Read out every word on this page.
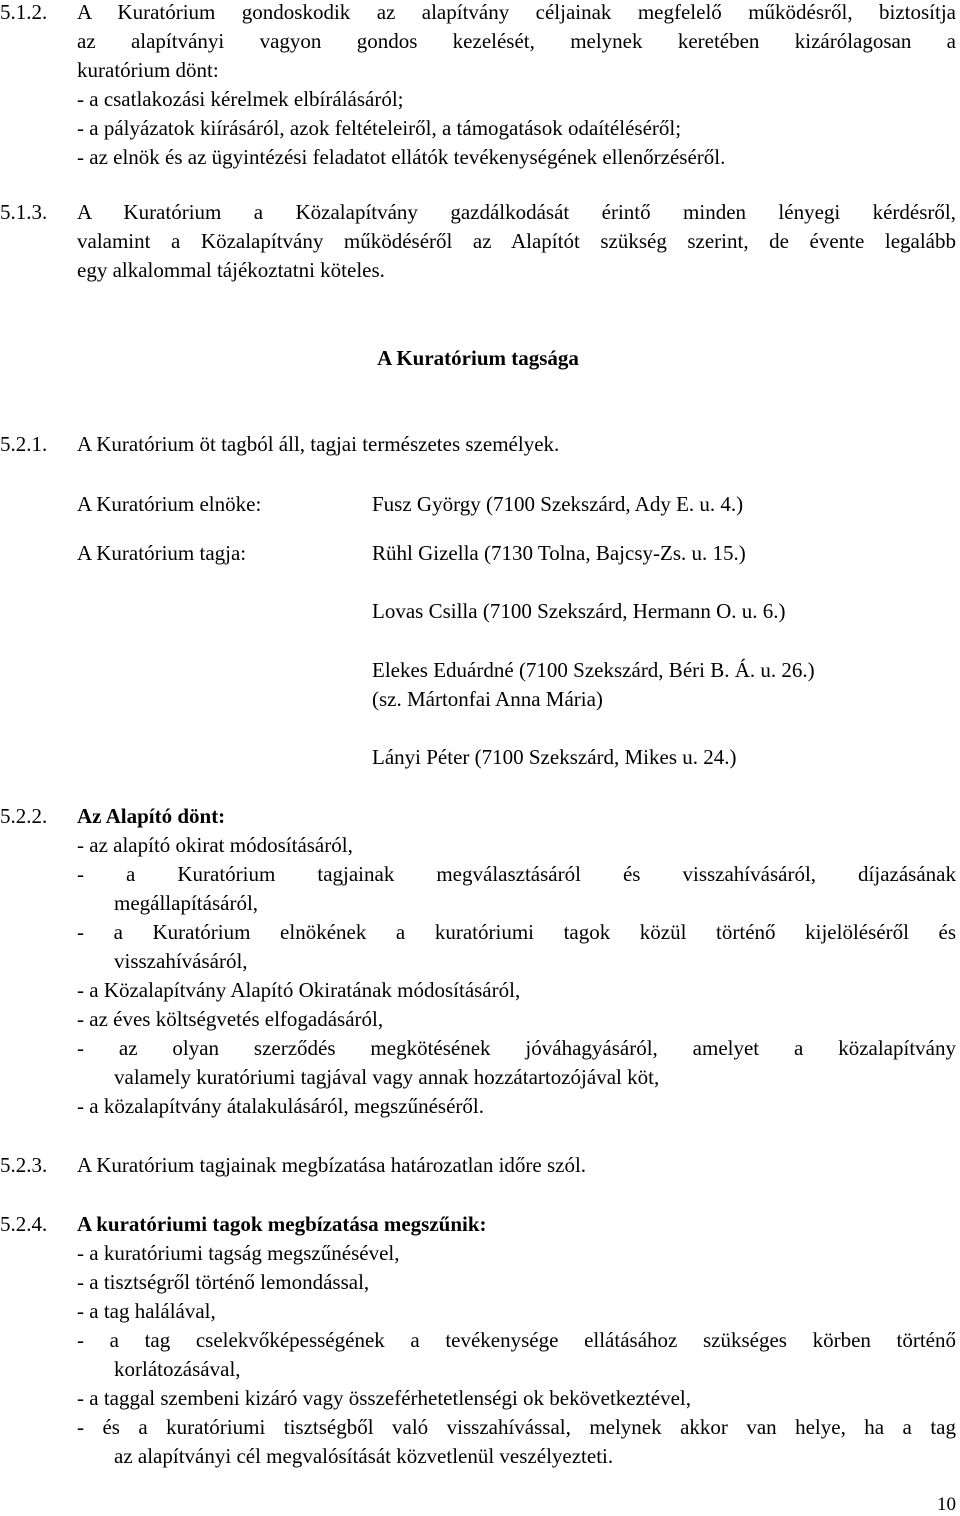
5.1.2. A Kuratórium gondoskodik az alapítvány céljainak megfelelő működésről, biztosítja
az alapítványi vagyon gondos kezelését, melynek keretében kizárólagosan a
kuratórium dönt:
- a csatlakozási kérelmek elbírálásáról;
- a pályázatok kiírásáról, azok feltételeiről, a támogatások odaítéléséről;
- az elnök és az ügyintézési feladatot ellátók tevékenységének ellenőrzéséről.
5.1.3. A Kuratórium a Közalapítvány gazdálkodását érintő minden lényegi kérdésről,
valamint a Közalapítvány működéséről az Alapítót szükség szerint, de évente legalább
egy alkalommal tájékoztatni köteles.
A Kuratórium tagsága
5.2.1. A Kuratórium öt tagból áll, tagjai természetes személyek.
A Kuratórium elnöke:	Fusz György (7100 Szekszárd, Ady E. u. 4.)
A Kuratórium tagja:	Rühl Gizella (7130 Tolna, Bajcsy-Zs. u. 15.)
Lovas Csilla (7100 Szekszárd, Hermann O. u. 6.)
Elekes Eduárdné (7100 Szekszárd, Béri B. Á. u. 26.)
(sz. Mártonfai Anna Mária)
Lányi Péter (7100 Szekszárd, Mikes u. 24.)
5.2.2. Az Alapító dönt:
- az alapító okirat módosításáról,
- a Kuratórium tagjainak megválasztásáról és visszahívásáról, díjazásának
megállapításáról,
- a Kuratórium elnökének a kuratóriumi tagok közül történő kijelöléséről és
visszahívásáról,
- a Közalapítvány Alapító Okiratának módosításáról,
- az éves költségvetés elfogadásáról,
- az olyan szerződés megkötésének jóváhagyásáról, amelyet a közalapítvány
valamely kuratóriumi tagjával vagy annak hozzátartozójával köt,
- a közalapítvány átalakulásáról, megszűnéséről.
5.2.3. A Kuratórium tagjainak megbízatása határozatlan időre szól.
5.2.4. A kuratóriumi tagok megbízatása megszűnik:
- a kuratóriumi tagság megszűnésével,
- a tisztségről történő lemondással,
- a tag halálával,
- a tag cselekvőképességének a tevékenysége ellátásához szükséges körben történő
korlátozásával,
- a taggal szembeni kizáró vagy összeférhetetlenségi ok bekövetkeztével,
- és a kuratóriumi tisztségből való visszahívással, melynek akkor van helye, ha a tag
az alapítványi cél megvalósítását közvetlenül veszélyezteti.
10
